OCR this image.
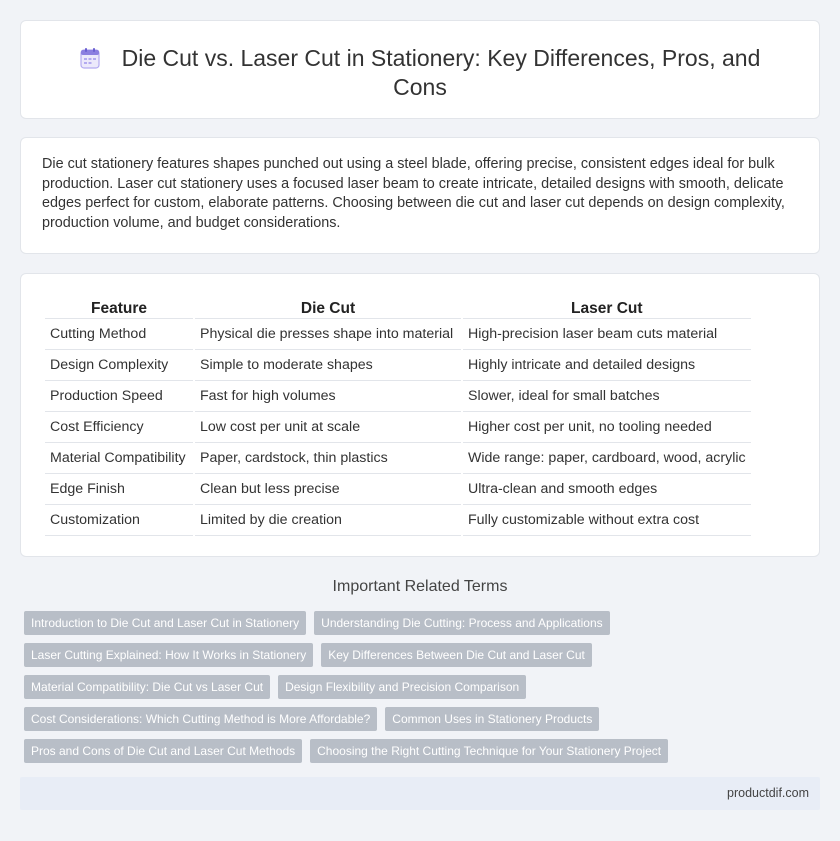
Die Cut vs. Laser Cut in Stationery: Key Differences, Pros, and Cons

Die cut stationery features shapes punched out using a steel blade, offering precise, consistent edges ideal for bulk production. Laser cut stationery uses a focused laser beam to create intricate, detailed designs with smooth, delicate edges perfect for custom, elaborate patterns. Choosing between die cut and laser cut depends on design complexity, production volume, and budget considerations.

Feature	Die Cut	Laser Cut
Cutting Method	Physical die presses shape into material	High-precision laser beam cuts material
Design Complexity	Simple to moderate shapes	Highly intricate and detailed designs
Production Speed	Fast for high volumes	Slower, ideal for small batches
Cost Efficiency	Low cost per unit at scale	Higher cost per unit, no tooling needed
Material Compatibility	Paper, cardstock, thin plastics	Wide range: paper, cardboard, wood, acrylic
Edge Finish	Clean but less precise	Ultra-clean and smooth edges
Customization	Limited by die creation	Fully customizable without extra cost
Important Related Terms
Introduction to Die Cut and Laser Cut in Stationery Understanding Die Cutting: Process and Applications
Laser Cutting Explained: How It Works in Stationery Key Differences Between Die Cut and Laser Cut
Material Compatibility: Die Cut vs Laser Cut Design Flexibility and Precision Comparison
Cost Considerations: Which Cutting Method is More Affordable? Common Uses in Stationery Products
Pros and Cons of Die Cut and Laser Cut Methods Choosing the Right Cutting Technique for Your Stationery Project
productdif.com
